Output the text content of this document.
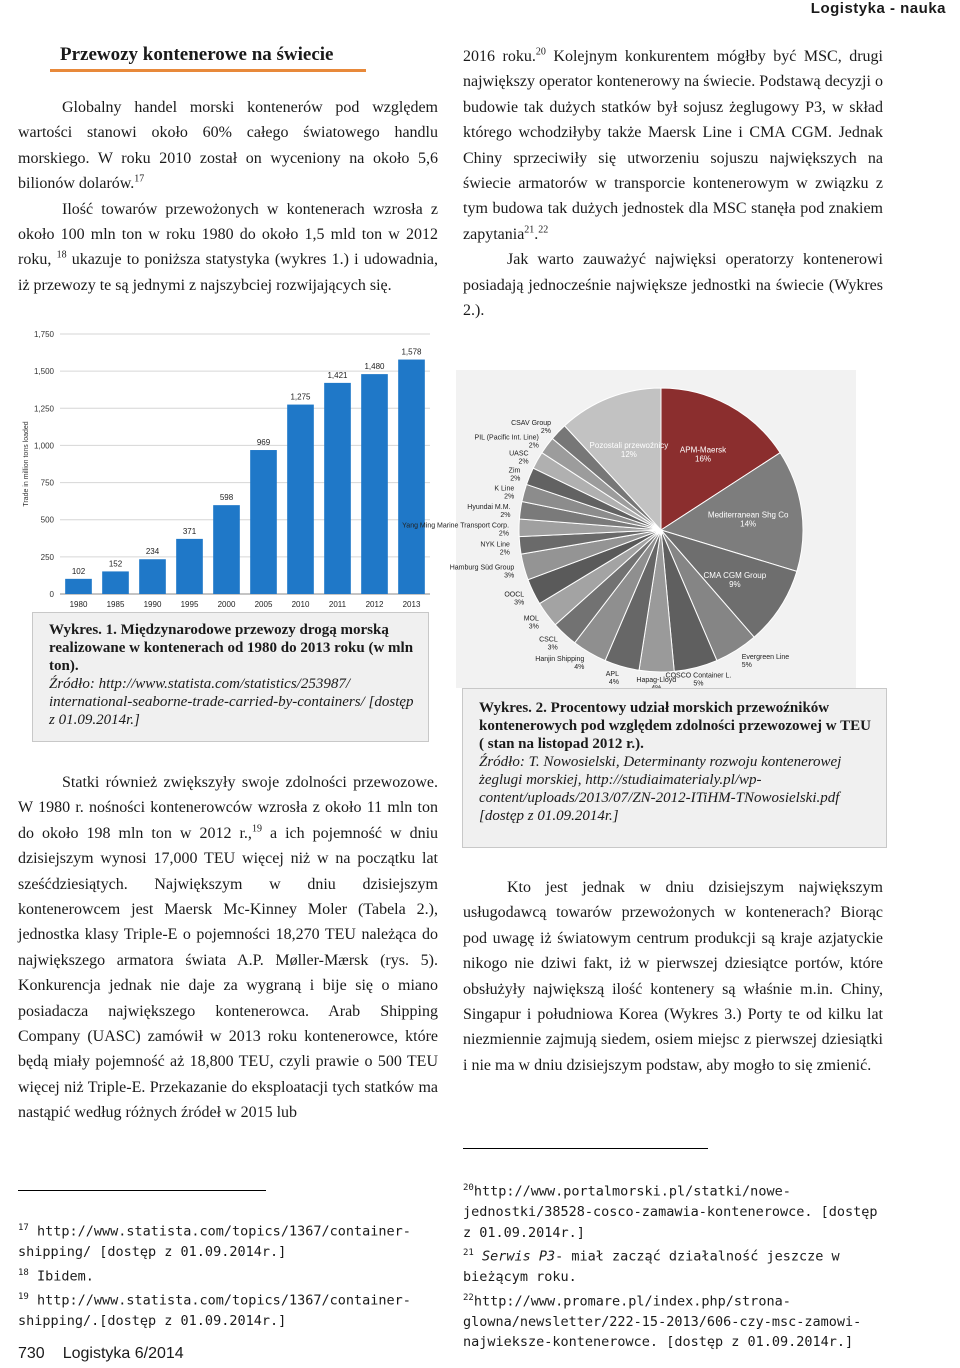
Logistyka - nauka
Przewozy kontenerowe na świecie

Globalny handel morski kontenerów pod względem wartości stanowi około 60% całego światowego handlu morskiego. W roku 2010 został on wyceniony na około 5,6 bilionów dolarów.$^{17}$

Ilość towarów przewożonych w kontenerach wzrosła z około 100 mln ton w roku 1980 do około 1,5 mld ton w 2012 roku, $^{18}$ ukazuje to poniższa statystyka (wykres 1.) i udowadnia, iż przewozy te są jednymi z najszybciej rozwijających się.

2016 roku.$^{20}$ Kolejnym konkurentem mógłby być MSC, drugi największy operator kontenerowy na świecie. Podstawą decyzji o budowie tak dużych statków był sojusz żeglugowy P3, w skład którego wchodziłyby także Maersk Line i CMA CGM. Jednak Chiny sprzeciwiły się utworzeniu sojuszu największych na świecie armatorów w transporcie kontenerowym w związku z tym budowa tak dużych jednostek dla MSC stanęła pod znakiem zapytania$^{21}$.$^{22}$

Jak warto zauważyć najwięksi operatorzy kontenerowi posiadają jednocześnie największe jednostki na świecie (Wykres 2.).

0
250
500
750
1,000
1,250
1,500
1,750
Trade in million tons loaded
102
1980
152
1985
234
1990
371
1995
598
2000
969
2005
1,275
2010
1,421
2011
1,480
2012
1,578
2013
Wykres. 1. Międzynarodowe przewozy drogą morską realizowane w kontenerach od 1980 do 2013 roku (w mln ton).
Źródło: http://www.statista.com/statistics/253987/ international-seaborne-trade-carried-by-containers/ [dostęp z 01.09.2014r.]
APM-Maersk 16%
Mediterranean Shg Co 14%
CMA CGM Group 9%
Evergreen Line 5%
COSCO Container L. 5%
Hapag-Lloyd
APL 4%
Hanjin Shipping 4%
CSCL 3%
MOL 3%
OOCL 3%
Hamburg Süd Group 3%
NYK Line 2%
Yang Ming Marine Transport Corp. 2%
Hyundai M.M. 2%
K Line 2%
Zim 2%
UASC 2%
PIL (Pacific Int. Line) 2%
CSAV Group 2%
Pozostali przewoźnicy 12%
Wykres. 2. Procentowy udział morskich przewoźników kontenerowych pod względem zdolności przewozowej w TEU ( stan na listopad 2012 r.).
Źródło: T. Nowosielski, Determinanty rozwoju kontenerowej żeglugi morskiej, http://studiaimaterialy.pl/wp-content/uploads/2013/07/ZN-2012-ITiHM-TNowosielski.pdf [dostęp z 01.09.2014r.]

Statki również zwiększyły swoje zdolności przewozowe. W 1980 r. nośności kontenerowców wzrosła z około 11 mln ton do około 198 mln ton w 2012 r.,$^{19}$ a ich pojemność w dniu dzisiejszym wynosi 17,000 TEU więcej niż w na początku lat sześćdziesiątych. Największym w dniu dzisiejszym kontenerowcem jest Maersk Mc-Kinney Moler (Tabela 2.), jednostka klasy Triple-E o pojemności 18,270 TEU należąca do największego armatora świata A.P. Møller-Mærsk (rys. 5). Konkurencja jednak nie daje za wygraną i bije się o miano posiadacza największego kontenerowca. Arab Shipping Company (UASC) zamówił w 2013 roku kontenerowce, które będą miały pojemność aż 18,800 TEU, czyli prawie o 500 TEU więcej niż Triple-E. Przekazanie do eksploatacji tych statków ma nastąpić według różnych źródeł w 2015 lub

Kto jest jednak w dniu dzisiejszym największym usługodawcą towarów przewożonych w kontenerach? Biorąc pod uwagę iż światowym centrum produkcji są kraje azjatyckie nikogo nie dziwi fakt, iż w pierwszej dziesiątce portów, które obsłużyły największą ilość kontenery są właśnie m.in. Chiny, Singapur i południowa Korea (Wykres 3.) Porty te od kilku lat niezmiennie zajmują siedem, osiem miejsc z pierwszej dziesiątki i nie ma w dniu dzisiejszym podstaw, aby mogło to się zmienić.

$^{17}$ http://www.statista.com/topics/1367/container-shipping/ [dostęp z 01.09.2014r.]
$^{18}$ Ibidem.
$^{19}$ http://www.statista.com/topics/1367/container-shipping/.[dostęp z 01.09.2014r.]
$^{20}$http://www.portalmorski.pl/statki/nowe-jednostki/38528-cosco-zamawia-kontenerowce. [dostęp z 01.09.2014r.]
$^{21}$ Serwis P3- miał zacząć działalność jeszcze w bieżącym roku.
$^{22}$http://www.promare.pl/index.php/strona-glowna/newsletter/222-15-2013/606-czy-msc-zamowi-najwieksze-kontenerowce. [dostęp z 01.09.2014r.]
730 Logistyka 6/2014
